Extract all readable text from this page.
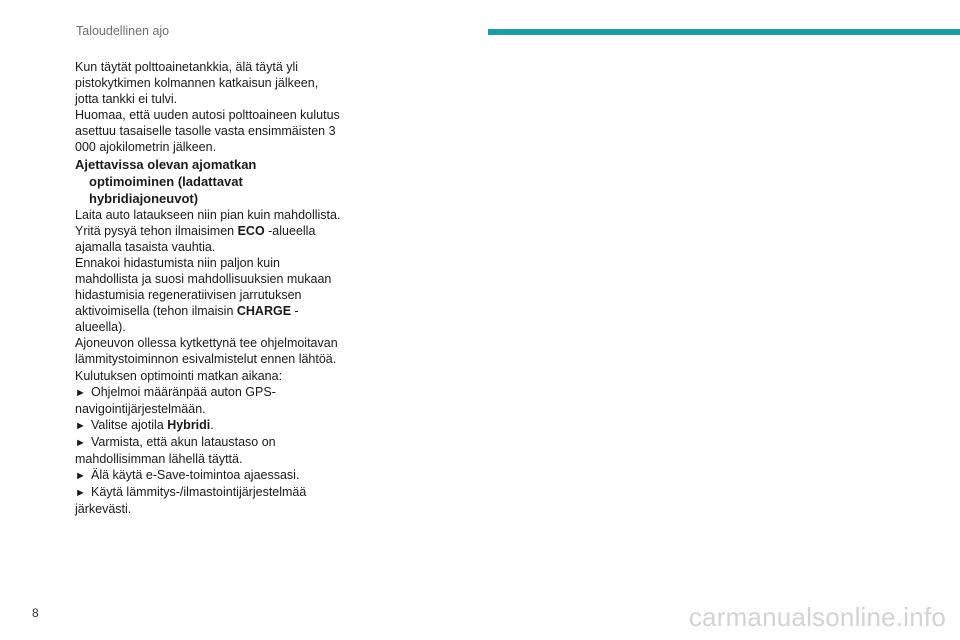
Taloudellinen ajo

Kun täytät polttoainetankkia, älä täytä yli pistokytkimen kolmannen katkaisun jälkeen, jotta tankki ei tulvi.

Huomaa, että uuden autosi polttoaineen kulutus asettuu tasaiselle tasolle vasta ensimmäisten 3 000 ajokilometrin jälkeen.

Ajettavissa olevan ajomatkan optimoiminen (ladattavat hybridiajoneuvot)

Laita auto lataukseen niin pian kuin mahdollista.

Yritä pysyä tehon ilmaisimen ECO -alueella ajamalla tasaista vauhtia.

Ennakoi hidastumista niin paljon kuin mahdollista ja suosi mahdollisuuksien mukaan hidastumisia regeneratiivisen jarrutuksen aktivoimisella (tehon ilmaisin CHARGE -alueella).

Ajoneuvon ollessa kytkettynä tee ohjelmoitavan lämmitystoiminnon esivalmistelut ennen lähtöä.

Kulutuksen optimointi matkan aikana:

► Ohjelmoi määränpää auton GPS-navigointijärjestelmään.

► Valitse ajotila Hybridi.

► Varmista, että akun lataustaso on mahdollisimman lähellä täyttä.

► Älä käytä e-Save-toimintoa ajaessasi.

► Käytä lämmitys-/ilmastointijärjestelmää järkevästi.

8	carmanualsonline.info
